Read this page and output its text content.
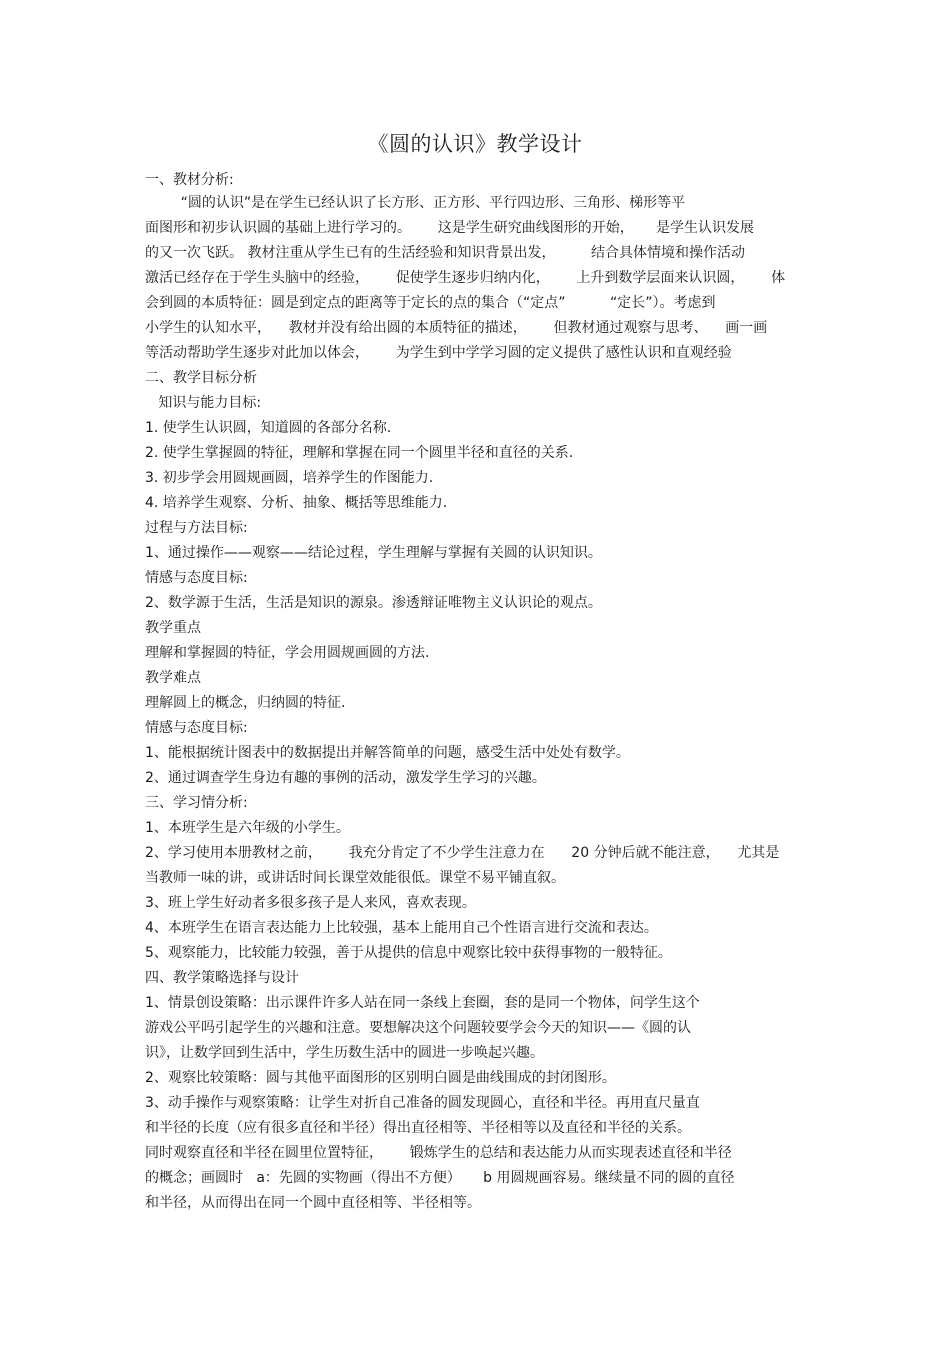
《圆的认识》教学设计
一、教材分析:
“圆的认识”是在学生已经认识了长方形、正方形、平行四边形、三角形、梯形等平
面图形和初步认识圆的基础上进行学习的。      这是学生研究曲线图形的开始，     是学生认识发展
的又一次飞跃。 教材注重从学生已有的生活经验和知识背景出发，        结合具体情境和操作活动
激活已经存在于学生头脑中的经验，      促使学生逐步归纳内化，      上升到数学层面来认识圆，      体
会到圆的本质特征：圆是到定点的距离等于定长的点的集合（“定点”          “定长”）。考虑到
小学生的认知水平，    教材并没有给出圆的本质特征的描述，      但教材通过观察与思考、    画一画
等活动帮助学生逐步对此加以体会，      为学生到中学学习圆的定义提供了感性认识和直观经验
二、教学目标分析
知识与能力目标:
1. 使学生认识圆，知道圆的各部分名称.
2. 使学生掌握圆的特征，理解和掌握在同一个圆里半径和直径的关系.
3. 初步学会用圆规画圆，培养学生的作图能力.
4. 培养学生观察、分析、抽象、概括等思维能力.
过程与方法目标:
1、通过操作——观察——结论过程，学生理解与掌握有关圆的认识知识。
情感与态度目标:
2、数学源于生活，生活是知识的源泉。渗透辩证唯物主义认识论的观点。
教学重点
理解和掌握圆的特征，学会用圆规画圆的方法.
教学难点
理解圆上的概念，归纳圆的特征.
情感与态度目标:
1、能根据统计图表中的数据提出并解答简单的问题，感受生活中处处有数学。
2、通过调查学生身边有趣的事例的活动，激发学生学习的兴趣。
三、学习情分析:
1、本班学生是六年级的小学生。
2、学习使用本册教材之前，      我充分肯定了不少学生注意力在      20 分钟后就不能注意，    尤其是
当教师一味的讲，或讲话时间长课堂效能很低。课堂不易平铺直叙。
3、班上学生好动者多很多孩子是人来风，喜欢表现。
4、本班学生在语言表达能力上比较强，基本上能用自己个性语言进行交流和表达。
5、观察能力，比较能力较强，善于从提供的信息中观察比较中获得事物的一般特征。
四、教学策略选择与设计
1、情景创设策略：出示课件许多人站在同一条线上套圈，套的是同一个物体，问学生这个
游戏公平吗引起学生的兴趣和注意。要想解决这个问题较要学会今天的知识——《圆的认
识》，让数学回到生活中，学生历数生活中的圆进一步唤起兴趣。
2、观察比较策略：圆与其他平面图形的区别明白圆是曲线围成的封闭图形。
3、动手操作与观察策略：让学生对折自己准备的圆发现圆心，直径和半径。再用直尺量直
和半径的长度（应有很多直径和半径）得出直径相等、半径相等以及直径和半径的关系。
同时观察直径和半径在圆里位置特征，      锻炼学生的总结和表达能力从而实现表述直径和半径
的概念；画圆时   a：先圆的实物画（得出不方便）     b 用圆规画容易。继续量不同的圆的直径
和半径，从而得出在同一个圆中直径相等、半径相等。
